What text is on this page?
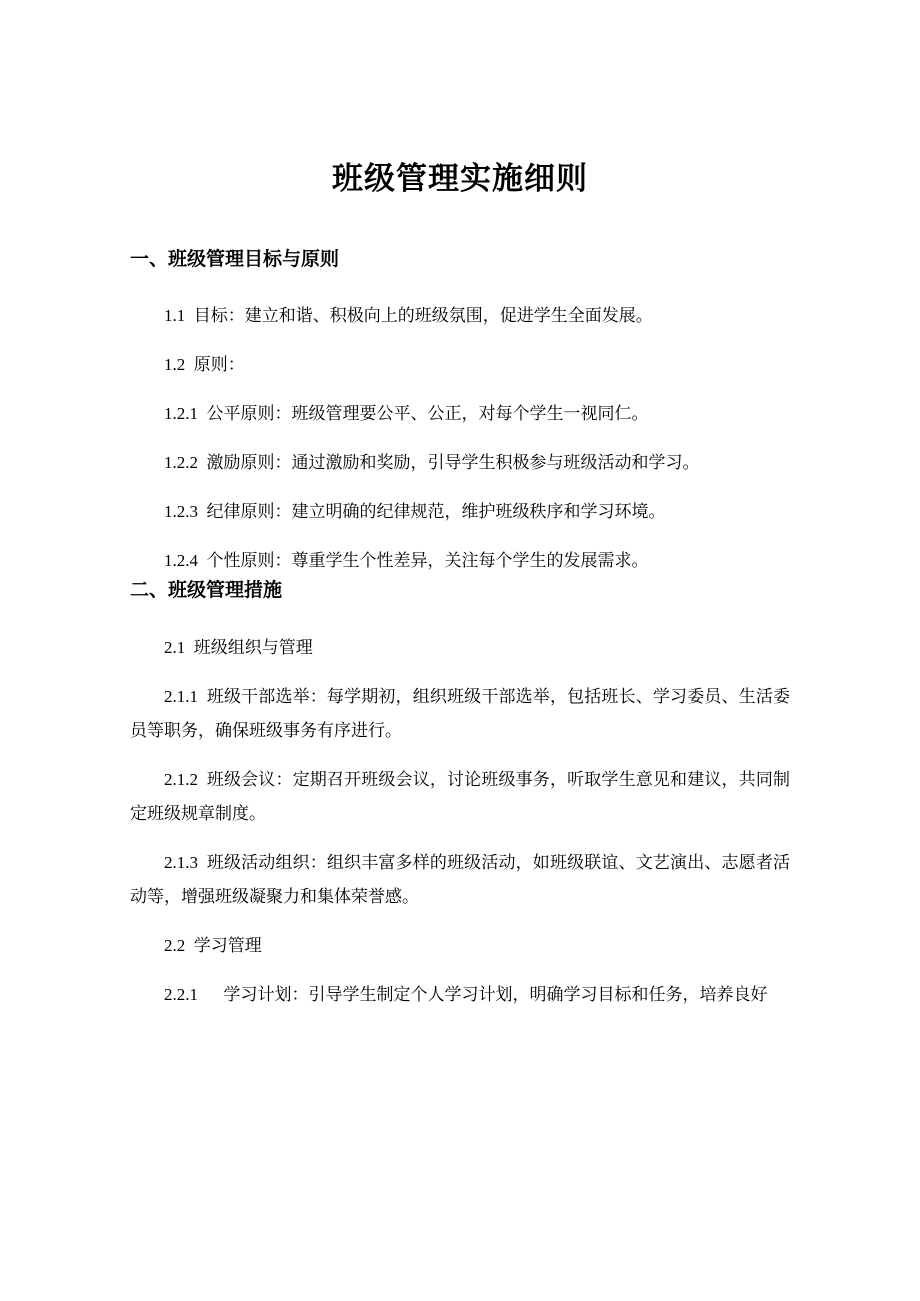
班级管理实施细则
一、班级管理目标与原则

1.1  目标：建立和谐、积极向上的班级氛围，促进学生全面发展。

1.2  原则：

1.2.1  公平原则：班级管理要公平、公正，对每个学生一视同仁。

1.2.2  激励原则：通过激励和奖励，引导学生积极参与班级活动和学习。

1.2.3  纪律原则：建立明确的纪律规范，维护班级秩序和学习环境。

1.2.4  个性原则：尊重学生个性差异，关注每个学生的发展需求。

二、班级管理措施

2.1  班级组织与管理

2.1.1  班级干部选举：每学期初，组织班级干部选举，包括班长、学习委员、生活委员等职务，确保班级事务有序进行。

2.1.2  班级会议：定期召开班级会议，讨论班级事务，听取学生意见和建议，共同制定班级规章制度。

2.1.3  班级活动组织：组织丰富多样的班级活动，如班级联谊、文艺演出、志愿者活动等，增强班级凝聚力和集体荣誉感。

2.2  学习管理

2.2.1      学习计划：引导学生制定个人学习计划，明确学习目标和任务，培养良好
